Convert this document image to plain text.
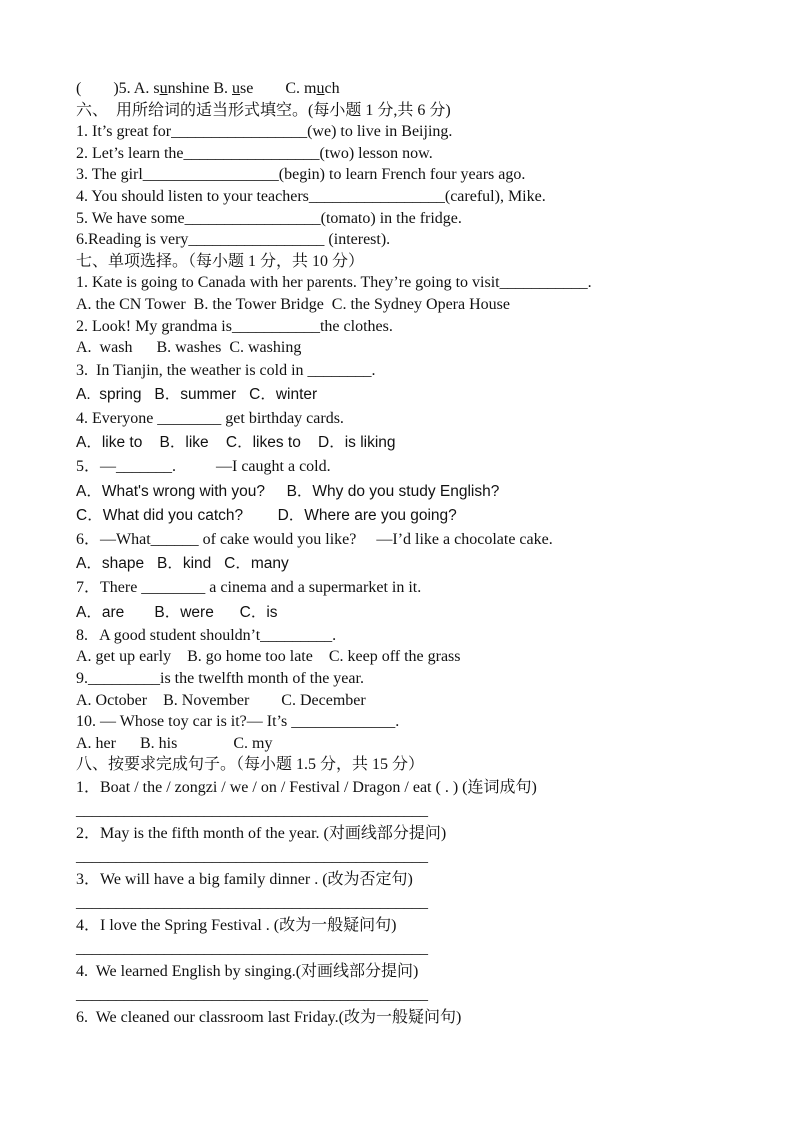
(        )5. A. sunshine B. use        C. much
六、  用所给词的适当形式填空。(每小题 1 分,共 6 分)
1. It’s great for_________________(we) to live in Beijing.
2. Let’s learn the_________________(two) lesson now.
3. The girl_________________(begin) to learn French four years ago.
4. You should listen to your teachers_________________(careful), Mike.
5. We have some_________________(tomato) in the fridge.
6.Reading is very_________________ (interest).
七、单项选择。（每小题 1 分，共 10 分）
1. Kate is going to Canada with her parents. They’re going to visit___________.
A. the CN Tower  B. the Tower Bridge  C. the Sydney Opera House
2. Look! My grandma is___________the clothes.
A.  wash      B. washes  C. washing
3.  In Tianjin, the weather is cold in ________.
A.  spring   B．summer   C．winter
4. Everyone ________ get birthday cards.
A．like to    B．like    C．likes to    D．is liking
5．—_______.          —I caught a cold.
A．What's wrong with you?     B．Why do you study English?
C．What did you catch?        D．Where are you going?
6．—What______ of cake would you like?     —I’d like a chocolate cake.
A．shape   B．kind   C．many
7．There ________ a cinema and a supermarket in it.
A．are       B．were      C．is
8.   A good student shouldn’t_________.
A. get up early    B. go home too late    C. keep off the grass
9._________is the twelfth month of the year.
A. October    B. November        C. December
10. — Whose toy car is it?— It’s _____________.
A. her      B. his              C. my
八、按要求完成句子。（每小题 1.5 分，共 15 分）
1．Boat / the / zongzi / we / on / Festival / Dragon / eat ( . ) (连词成句)
____________________________________________
2．May is the fifth month of the year. (对画线部分提问)
____________________________________________
3．We will have a big family dinner . (改为否定句)
____________________________________________
4．I love the Spring Festival . (改为一般疑问句)
____________________________________________
4.  We learned English by singing.(对画线部分提问)
____________________________________________
6.  We cleaned our classroom last Friday.(改为一般疑问句)
